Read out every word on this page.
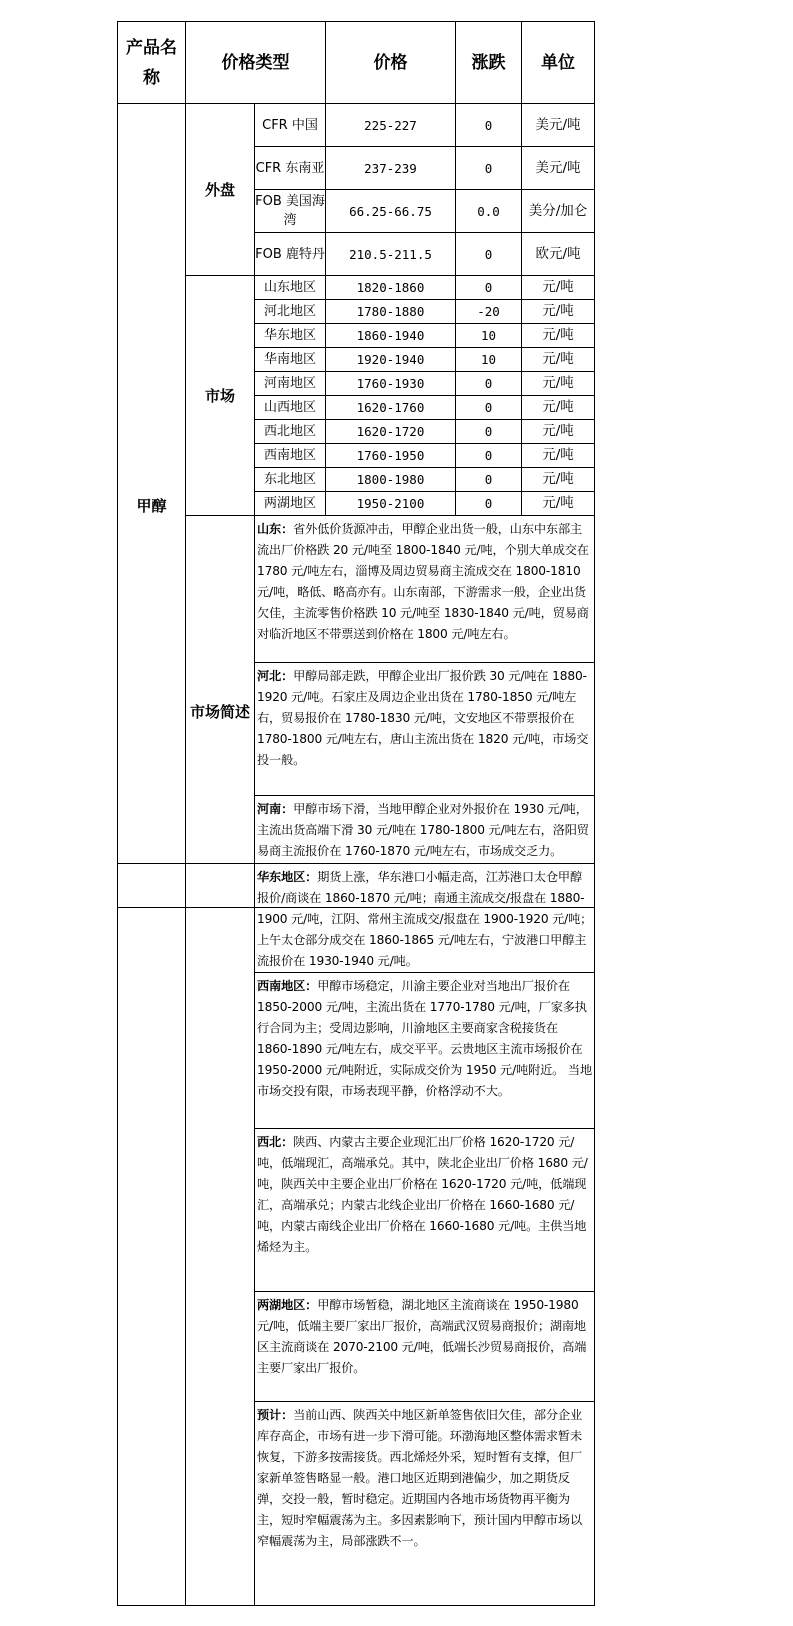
产品名称	价格类型		价格	涨跌	单位
甲醇	外盘	CFR 中国	225-227	0	美元/吨
		CFR 东南亚	237-239	0	美元/吨
		FOB 美国海湾	66.25-66.75	0.0	美分/加仑
		FOB 鹿特丹	210.5-211.5	0	欧元/吨
	市场	山东地区	1820-1860	0	元/吨
		河北地区	1780-1880	-20	元/吨
		华东地区	1860-1940	10	元/吨
		华南地区	1920-1940	10	元/吨
		河南地区	1760-1930	0	元/吨
		山西地区	1620-1760	0	元/吨
		西北地区	1620-1720	0	元/吨
		西南地区	1760-1950	0	元/吨
		东北地区	1800-1980	0	元/吨
		两湖地区	1950-2100	0	元/吨
	市场简述	山东：省外低价货源冲击，甲醇企业出货一般，山东中东部主流出厂价格跌 20 元/吨至 1800-1840 元/吨，个别大单成交在 1780 元/吨左右，淄博及周边贸易商主流成交在 1800-1810 元/吨，略低、略高亦有。山东南部，下游需求一般，企业出货欠佳，主流零售价格跌 10 元/吨至 1830-1840 元/吨，贸易商对临沂地区不带票送到价格在 1800 元/吨左右。			
		河北：甲醇局部走跌，甲醇企业出厂报价跌 30 元/吨在 1880-1920 元/吨。石家庄及周边企业出货在 1780-1850 元/吨左右，贸易报价在 1780-1830 元/吨，文安地区不带票报价在 1780-1800 元/吨左右，唐山主流出货在 1820 元/吨，市场交投一般。			
		河南：甲醇市场下滑，当地甲醇企业对外报价在 1930 元/吨，主流出货高端下滑 30 元/吨在 1780-1800 元/吨左右，洛阳贸易商主流报价在 1760-1870 元/吨左右，市场成交乏力。			
		华东地区：期货上涨，华东港口小幅走高，江苏港口太仓甲醇报价/商谈在 1860-1870 元/吨；南通主流成交/报盘在 1880-1900 元/吨，江阴、常州主流成交/报盘在 1900-1920 元/吨；上午太仓部分成交在 1860-1865 元/吨左右，宁波港口甲醇主流报价在 1930-1940 元/吨。
西南地区：甲醇市场稳定，川渝主要企业对当地出厂报价在 1850-2000 元/吨，主流出货在 1770-1780 元/吨，厂家多执行合同为主；受周边影响，川渝地区主要商家含税接货在 1860-1890 元/吨左右，成交平平。云贵地区主流市场报价在 1950-2000 元/吨附近，实际成交价为 1950 元/吨附近。 当地市场交投有限，市场表现平静，价格浮动不大。
西北：陕西、内蒙古主要企业现汇出厂价格 1620-1720 元/吨，低端现汇，高端承兑。其中，陕北企业出厂价格 1680 元/吨，陕西关中主要企业出厂价格在 1620-1720 元/吨，低端现汇，高端承兑；内蒙古北线企业出厂价格在 1660-1680 元/吨，内蒙古南线企业出厂价格在 1660-1680 元/吨。主供当地烯烃为主。
两湖地区：甲醇市场暂稳，湖北地区主流商谈在 1950-1980 元/吨，低端主要厂家出厂报价，高端武汉贸易商报价；湖南地区主流商谈在 2070-2100 元/吨，低端长沙贸易商报价，高端主要厂家出厂报价。
预计：当前山西、陕西关中地区新单签售依旧欠佳，部分企业库存高企，市场有进一步下滑可能。环渤海地区整体需求暂未恢复，下游多按需接货。西北烯烃外采，短时暂有支撑，但厂家新单签售略显一般。港口地区近期到港偏少，加之期货反弹，交投一般，暂时稳定。近期国内各地市场货物再平衡为主，短时窄幅震荡为主。多因素影响下，预计国内甲醇市场以窄幅震荡为主，局部涨跌不一。
